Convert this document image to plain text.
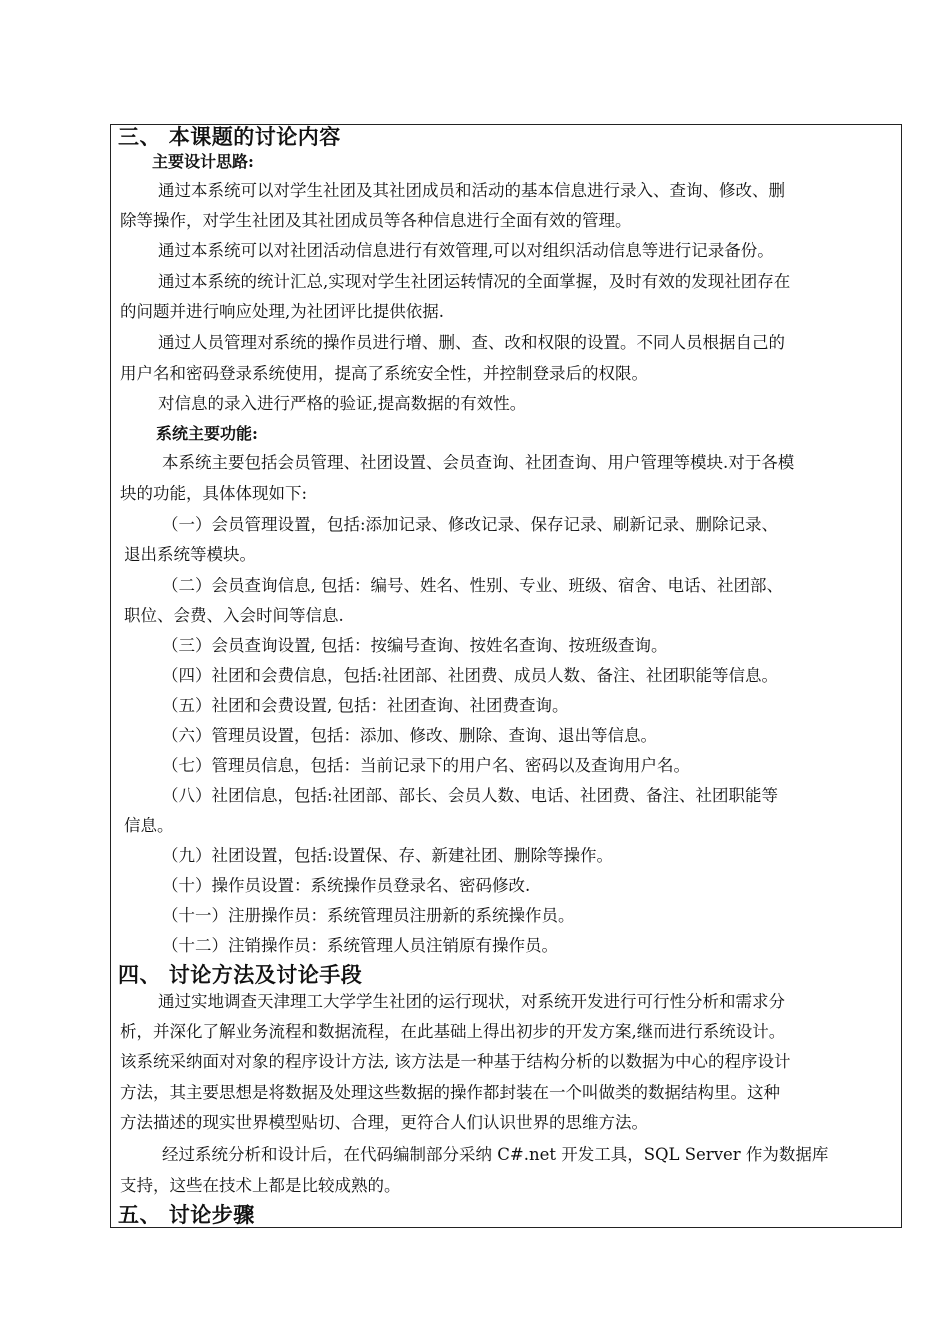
三、 本课题的讨论内容
主要设计思路:
通过本系统可以对学生社团及其社团成员和活动的基本信息进行录入、查询、修改、删
除等操作，对学生社团及其社团成员等各种信息进行全面有效的管理。
通过本系统可以对社团活动信息进行有效管理,可以对组织活动信息等进行记录备份。
通过本系统的统计汇总,实现对学生社团运转情况的全面掌握，及时有效的发现社团存在
的问题并进行响应处理,为社团评比提供依据.
通过人员管理对系统的操作员进行增、删、查、改和权限的设置。不同人员根据自己的
用户名和密码登录系统使用，提高了系统安全性，并控制登录后的权限。
对信息的录入进行严格的验证,提高数据的有效性。
系统主要功能:
本系统主要包括会员管理、社团设置、会员查询、社团查询、用户管理等模块.对于各模
块的功能，具体体现如下:
（一）会员管理设置，包括:添加记录、修改记录、保存记录、刷新记录、删除记录、
退出系统等模块。
（二）会员查询信息, 包括：编号、姓名、性别、专业、班级、宿舍、电话、社团部、
职位、会费、入会时间等信息.
（三）会员查询设置, 包括：按编号查询、按姓名查询、按班级查询。
（四）社团和会费信息，包括:社团部、社团费、成员人数、备注、社团职能等信息。
（五）社团和会费设置, 包括：社团查询、社团费查询。
（六）管理员设置，包括：添加、修改、删除、查询、退出等信息。
（七）管理员信息，包括：当前记录下的用户名、密码以及查询用户名。
（八）社团信息，包括:社团部、部长、会员人数、电话、社团费、备注、社团职能等
信息。
（九）社团设置，包括:设置保、存、新建社团、删除等操作。
（十）操作员设置：系统操作员登录名、密码修改.
（十一）注册操作员：系统管理员注册新的系统操作员。
（十二）注销操作员：系统管理人员注销原有操作员。
四、 讨论方法及讨论手段
通过实地调查天津理工大学学生社团的运行现状，对系统开发进行可行性分析和需求分
析，并深化了解业务流程和数据流程，在此基础上得出初步的开发方案,继而进行系统设计。
该系统采纳面对对象的程序设计方法, 该方法是一种基于结构分析的以数据为中心的程序设计
方法，其主要思想是将数据及处理这些数据的操作都封装在一个叫做类的数据结构里。这种
方法描述的现实世界模型贴切、合理，更符合人们认识世界的思维方法。
经过系统分析和设计后，在代码编制部分采纳 C#.net 开发工具，SQL Server 作为数据库
支持，这些在技术上都是比较成熟的。
五、 讨论步骤
